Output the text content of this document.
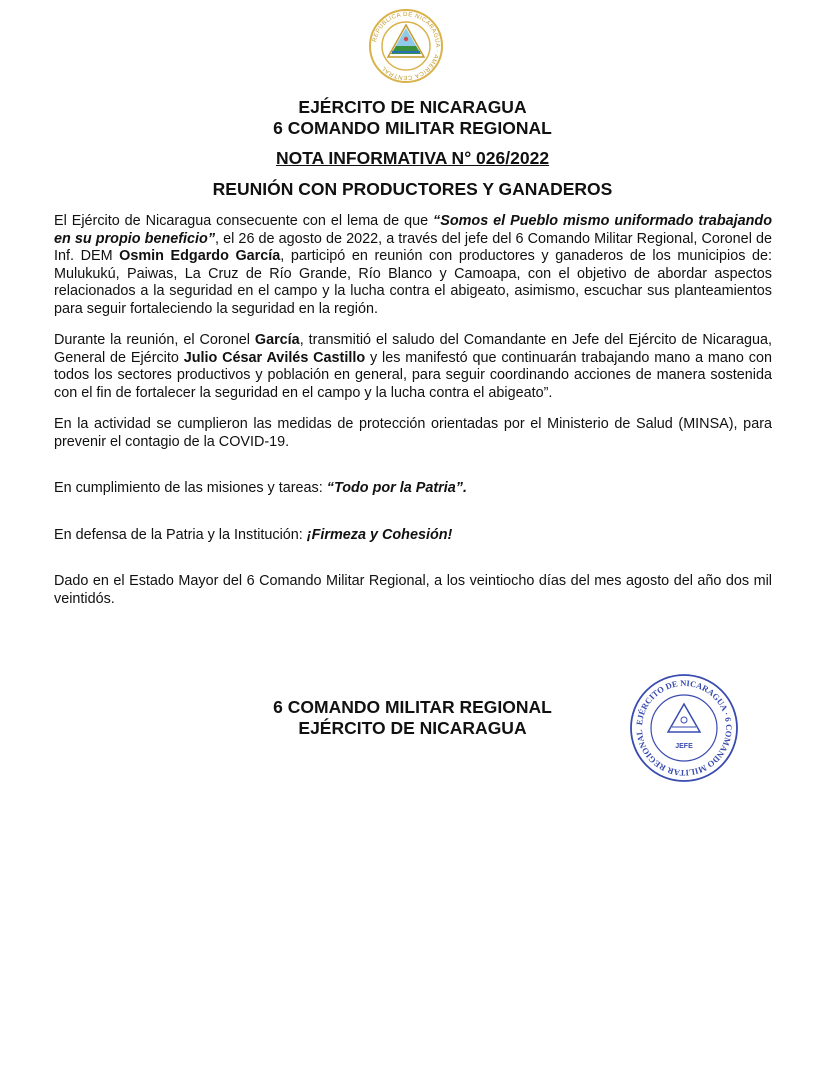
REPÚBLICA DE NICARAGUA · AMÉRICA CENTRAL
EJÉRCITO DE NICARAGUA
6 COMANDO MILITAR REGIONAL
NOTA INFORMATIVA N° 026/2022
REUNIÓN CON PRODUCTORES Y GANADEROS

El Ejército de Nicaragua consecuente con el lema de que “Somos el Pueblo mismo uniformado trabajando en su propio beneficio”, el 26 de agosto de 2022, a través del jefe del 6 Comando Militar Regional, Coronel de Inf. DEM Osmin Edgardo García, participó en reunión con productores y ganaderos de los municipios de: Mulukukú, Paiwas, La Cruz de Río Grande, Río Blanco y Camoapa, con el objetivo de abordar aspectos relacionados a la seguridad en el campo y la lucha contra el abigeato, asimismo, escuchar sus planteamientos para seguir fortaleciendo la seguridad en la región.

Durante la reunión, el Coronel García, transmitió el saludo del Comandante en Jefe del Ejército de Nicaragua, General de Ejército Julio César Avilés Castillo y les manifestó que continuarán trabajando mano a mano con todos los sectores productivos y población en general, para seguir coordinando acciones de manera sostenida con el fin de fortalecer la seguridad en el campo y la lucha contra el abigeato”.

En la actividad se cumplieron las medidas de protección orientadas por el Ministerio de Salud (MINSA), para prevenir el contagio de la COVID-19.

En cumplimiento de las misiones y tareas: “Todo por la Patria”.

En defensa de la Patria y la Institución: ¡Firmeza y Cohesión!

Dado en el Estado Mayor del 6 Comando Militar Regional, a los veintiocho días del mes agosto del año dos mil veintidós.

6 COMANDO MILITAR REGIONAL
EJÉRCITO DE NICARAGUA	EJÉRCITO DE NICARAGUA · 6 COMANDO MILITAR REGIONAL
JEFE
